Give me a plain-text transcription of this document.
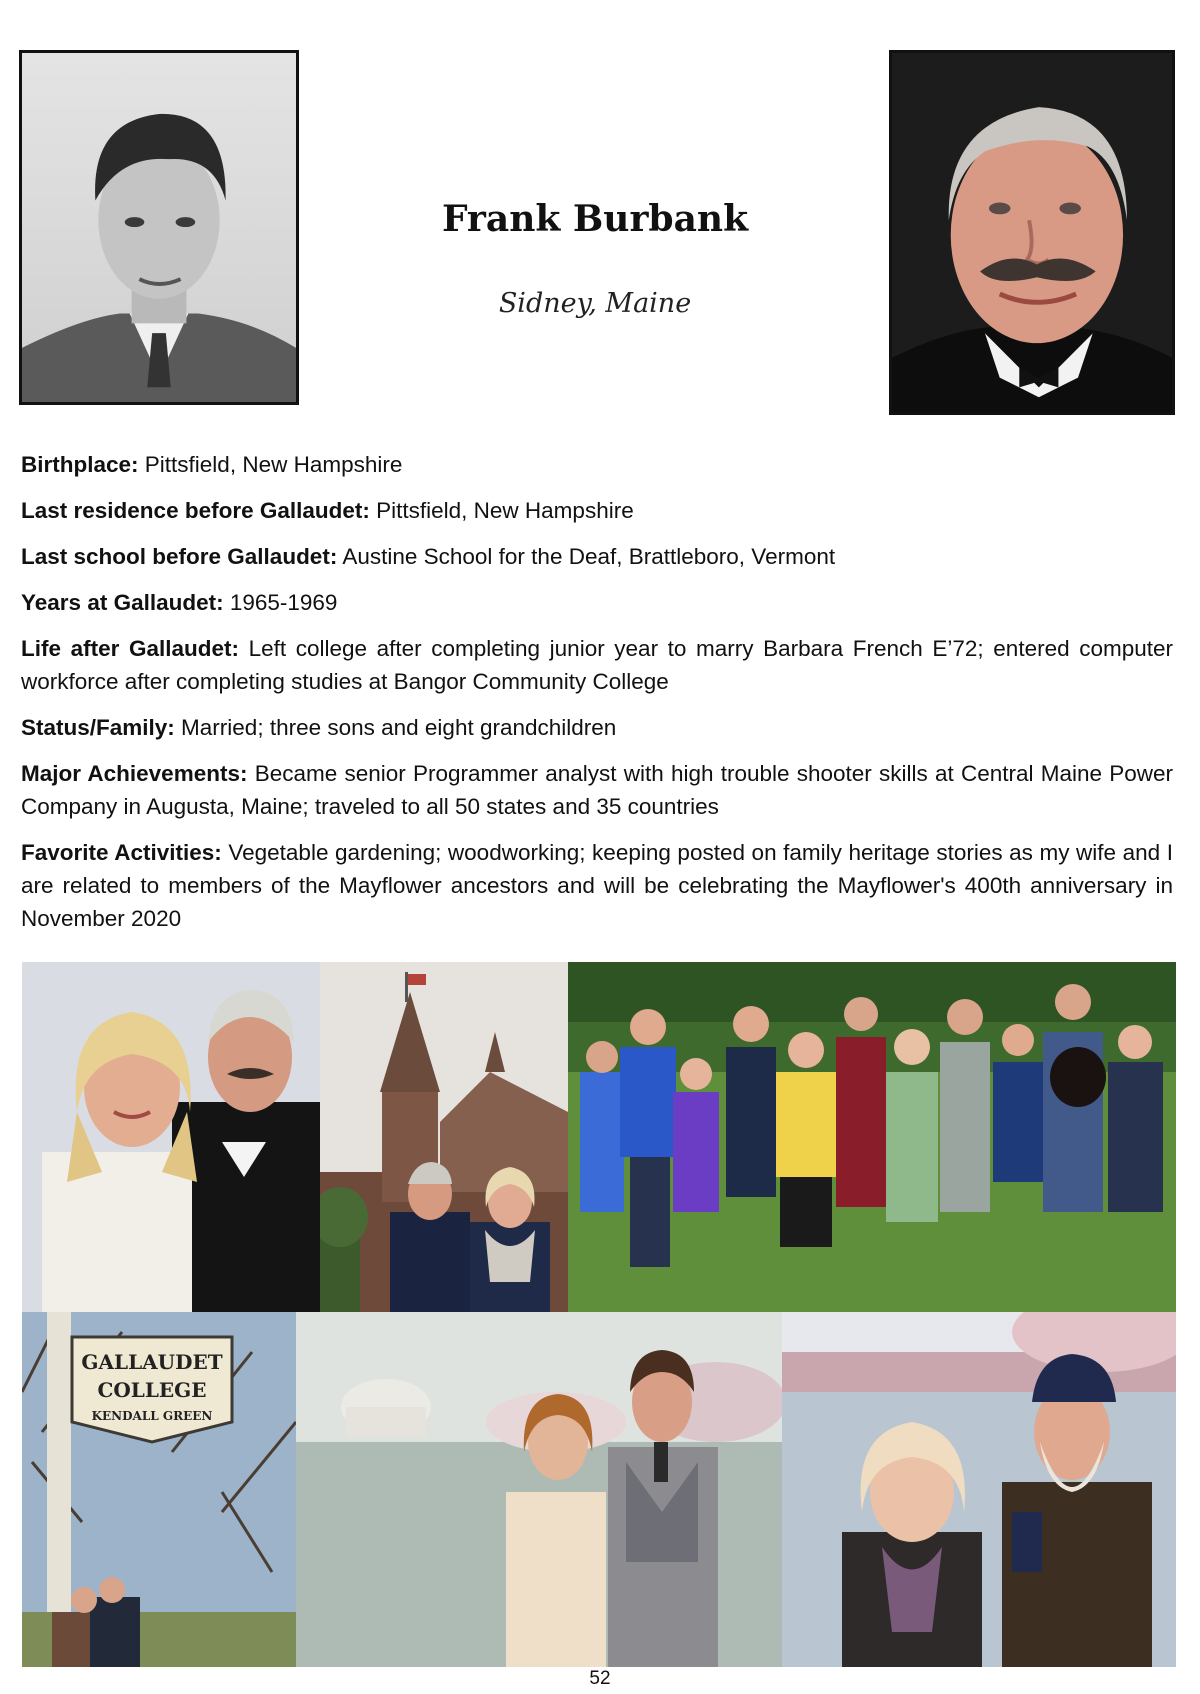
Frank Burbank
Sidney, Maine

Birthplace: Pittsfield, New Hampshire

Last residence before Gallaudet: Pittsfield, New Hampshire

Last school before Gallaudet: Austine School for the Deaf, Brattleboro, Vermont

Years at Gallaudet: 1965-1969

Life after Gallaudet: Left college after completing junior year to marry Barbara French E’72; entered computer workforce after completing studies at Bangor Community College

Status/Family: Married; three sons and eight grandchildren

Major Achievements: Became senior Programmer analyst with high trouble shooter skills at Central Maine Power Company in Augusta, Maine; traveled to all 50 states and 35 countries

Favorite Activities: Vegetable gardening; woodworking; keeping posted on family heritage stories as my wife and I are related to members of the Mayflower ancestors and will be celebrating the Mayflower's 400th anniversary in November 2020

GALLAUDET
COLLEGE
KENDALL GREEN
52
